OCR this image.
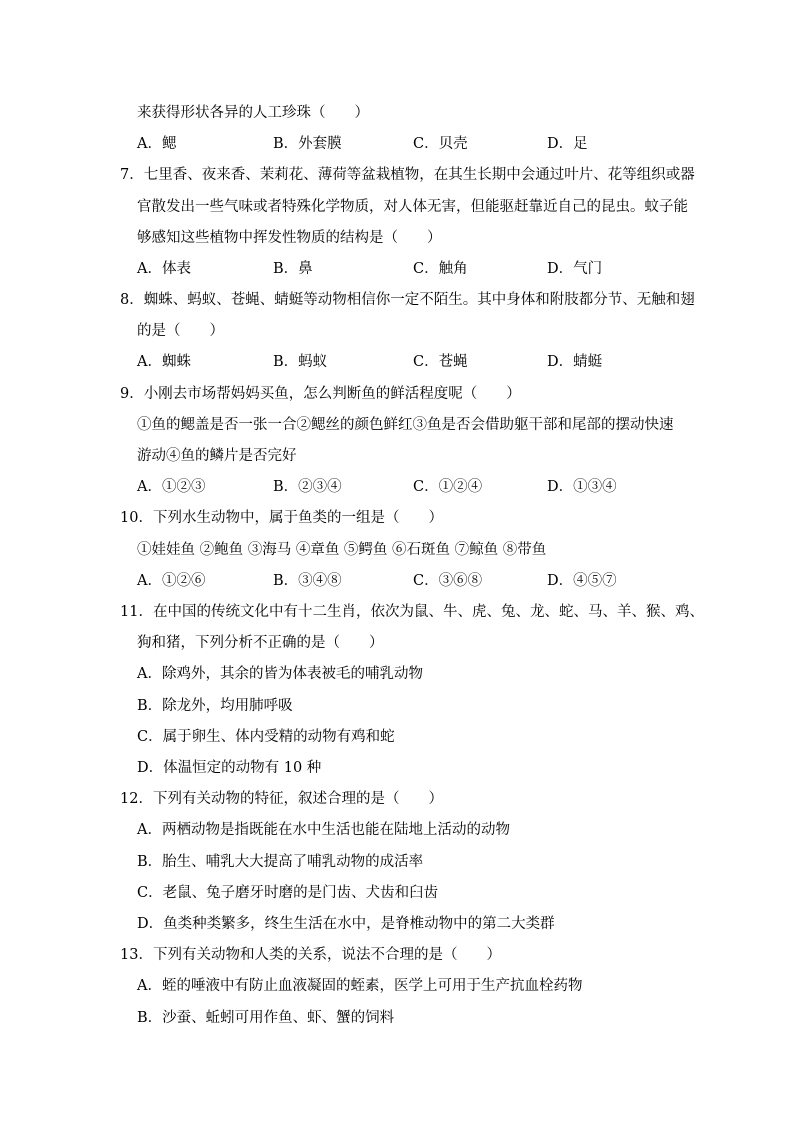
来获得形状各异的人工珍珠（　　）
A．鳃	B．外套膜	C．贝壳	D．足
7．七里香、夜来香、茉莉花、薄荷等盆栽植物，在其生长期中会通过叶片、花等组织或器
官散发出一些气味或者特殊化学物质，对人体无害，但能驱赶靠近自己的昆虫。蚊子能
够感知这些植物中挥发性物质的结构是（　　）
A．体表	B．鼻	C．触角	D．气门
8．蜘蛛、蚂蚁、苍蝇、蜻蜓等动物相信你一定不陌生。其中身体和附肢都分节、无触和翅
的是（　　）
A．蜘蛛	B．蚂蚁	C．苍蝇	D．蜻蜓
9．小刚去市场帮妈妈买鱼，怎么判断鱼的鲜活程度呢（　　）
①鱼的鳃盖是否一张一合②鳃丝的颜色鲜红③鱼是否会借助躯干部和尾部的摆动快速
游动④鱼的鳞片是否完好
A．①②③	B．②③④	C．①②④	D．①③④
10．下列水生动物中，属于鱼类的一组是（　　）
①娃娃鱼 ②鲍鱼 ③海马 ④章鱼 ⑤鳄鱼 ⑥石斑鱼 ⑦鲸鱼 ⑧带鱼
A．①②⑥	B．③④⑧	C．③⑥⑧	D．④⑤⑦
11．在中国的传统文化中有十二生肖，依次为鼠、牛、虎、兔、龙、蛇、马、羊、猴、鸡、
狗和猪，下列分析不正确的是（　　）
A．除鸡外，其余的皆为体表被毛的哺乳动物
B．除龙外，均用肺呼吸
C．属于卵生、体内受精的动物有鸡和蛇
D．体温恒定的动物有 10 种
12．下列有关动物的特征，叙述合理的是（　　）
A．两栖动物是指既能在水中生活也能在陆地上活动的动物
B．胎生、哺乳大大提高了哺乳动物的成活率
C．老鼠、兔子磨牙时磨的是门齿、犬齿和臼齿
D．鱼类种类繁多，终生生活在水中，是脊椎动物中的第二大类群
13．下列有关动物和人类的关系，说法不合理的是（　　）
A．蛭的唾液中有防止血液凝固的蛭素，医学上可用于生产抗血栓药物
B．沙蚕、蚯蚓可用作鱼、虾、蟹的饲料
